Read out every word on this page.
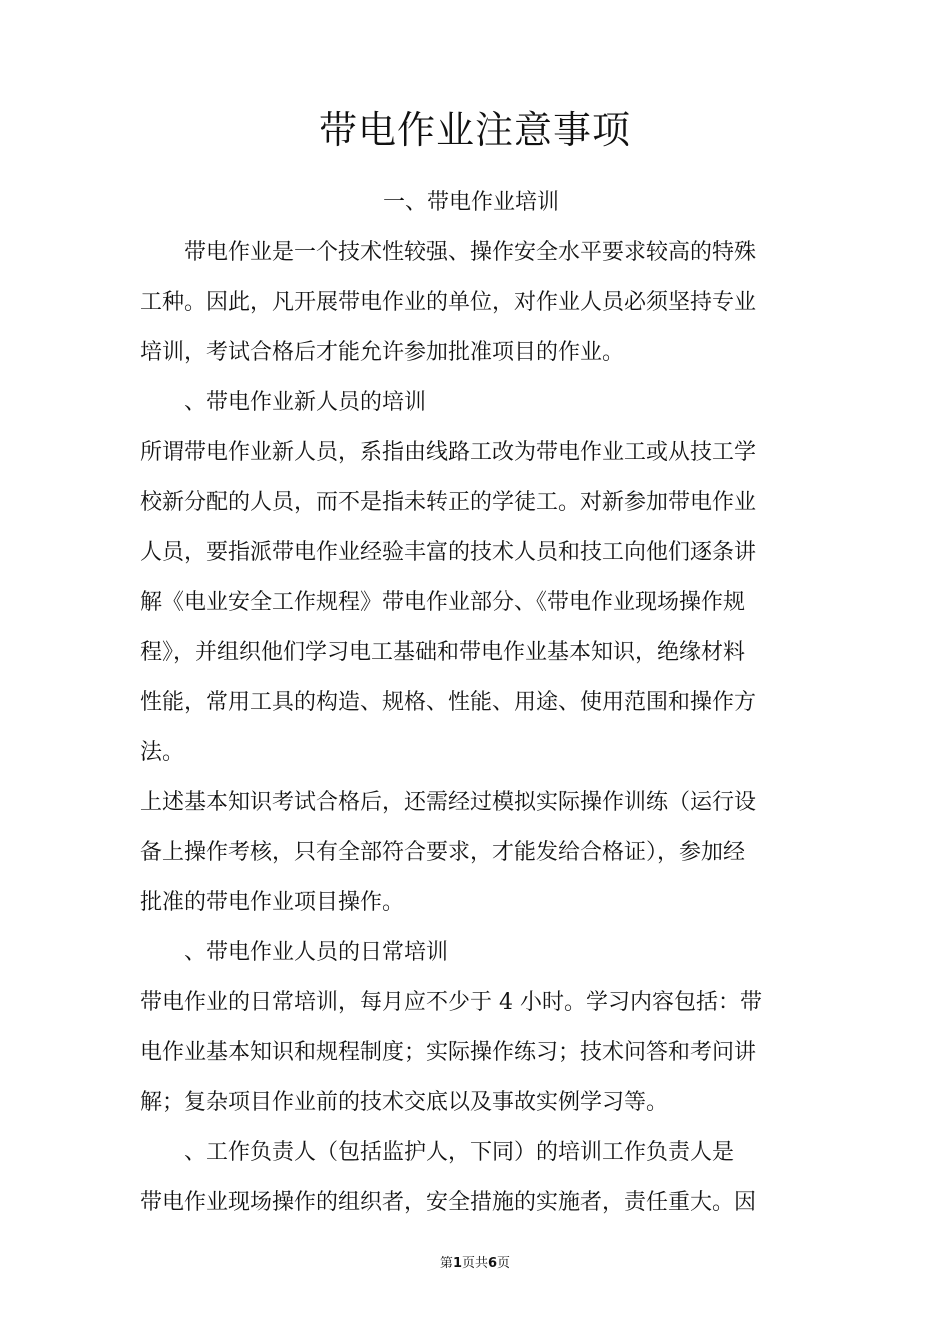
带电作业注意事项
一、带电作业培训

　　带电作业是一个技术性较强、操作安全水平要求较高的特殊

工种。因此，凡开展带电作业的单位，对作业人员必须坚持专业

培训，考试合格后才能允许参加批准项目的作业。

　　、带电作业新人员的培训

所谓带电作业新人员，系指由线路工改为带电作业工或从技工学

校新分配的人员，而不是指未转正的学徒工。对新参加带电作业

人员，要指派带电作业经验丰富的技术人员和技工向他们逐条讲

解《电业安全工作规程》带电作业部分、《带电作业现场操作规

程》，并组织他们学习电工基础和带电作业基本知识，绝缘材料

性能，常用工具的构造、规格、性能、用途、使用范围和操作方

法。

上述基本知识考试合格后，还需经过模拟实际操作训练（运行设

备上操作考核，只有全部符合要求，才能发给合格证），参加经

批准的带电作业项目操作。

　　、带电作业人员的日常培训

带电作业的日常培训，每月应不少于 4 小时。学习内容包括：带

电作业基本知识和规程制度；实际操作练习；技术问答和考问讲

解；复杂项目作业前的技术交底以及事故实例学习等。

　　、工作负责人（包括监护人，下同）的培训工作负责人是

带电作业现场操作的组织者，安全措施的实施者，责任重大。因

第1页共6页
